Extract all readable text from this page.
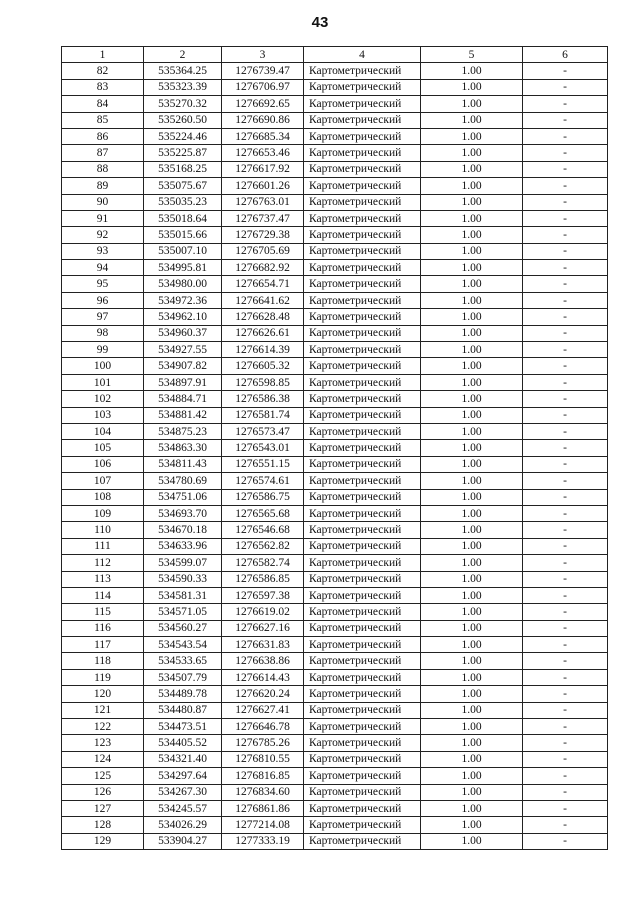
43
1	2	3	4	5	6
82	535364.25	1276739.47	Картометрический	1.00	-
83	535323.39	1276706.97	Картометрический	1.00	-
84	535270.32	1276692.65	Картометрический	1.00	-
85	535260.50	1276690.86	Картометрический	1.00	-
86	535224.46	1276685.34	Картометрический	1.00	-
87	535225.87	1276653.46	Картометрический	1.00	-
88	535168.25	1276617.92	Картометрический	1.00	-
89	535075.67	1276601.26	Картометрический	1.00	-
90	535035.23	1276763.01	Картометрический	1.00	-
91	535018.64	1276737.47	Картометрический	1.00	-
92	535015.66	1276729.38	Картометрический	1.00	-
93	535007.10	1276705.69	Картометрический	1.00	-
94	534995.81	1276682.92	Картометрический	1.00	-
95	534980.00	1276654.71	Картометрический	1.00	-
96	534972.36	1276641.62	Картометрический	1.00	-
97	534962.10	1276628.48	Картометрический	1.00	-
98	534960.37	1276626.61	Картометрический	1.00	-
99	534927.55	1276614.39	Картометрический	1.00	-
100	534907.82	1276605.32	Картометрический	1.00	-
101	534897.91	1276598.85	Картометрический	1.00	-
102	534884.71	1276586.38	Картометрический	1.00	-
103	534881.42	1276581.74	Картометрический	1.00	-
104	534875.23	1276573.47	Картометрический	1.00	-
105	534863.30	1276543.01	Картометрический	1.00	-
106	534811.43	1276551.15	Картометрический	1.00	-
107	534780.69	1276574.61	Картометрический	1.00	-
108	534751.06	1276586.75	Картометрический	1.00	-
109	534693.70	1276565.68	Картометрический	1.00	-
110	534670.18	1276546.68	Картометрический	1.00	-
111	534633.96	1276562.82	Картометрический	1.00	-
112	534599.07	1276582.74	Картометрический	1.00	-
113	534590.33	1276586.85	Картометрический	1.00	-
114	534581.31	1276597.38	Картометрический	1.00	-
115	534571.05	1276619.02	Картометрический	1.00	-
116	534560.27	1276627.16	Картометрический	1.00	-
117	534543.54	1276631.83	Картометрический	1.00	-
118	534533.65	1276638.86	Картометрический	1.00	-
119	534507.79	1276614.43	Картометрический	1.00	-
120	534489.78	1276620.24	Картометрический	1.00	-
121	534480.87	1276627.41	Картометрический	1.00	-
122	534473.51	1276646.78	Картометрический	1.00	-
123	534405.52	1276785.26	Картометрический	1.00	-
124	534321.40	1276810.55	Картометрический	1.00	-
125	534297.64	1276816.85	Картометрический	1.00	-
126	534267.30	1276834.60	Картометрический	1.00	-
127	534245.57	1276861.86	Картометрический	1.00	-
128	534026.29	1277214.08	Картометрический	1.00	-
129	533904.27	1277333.19	Картометрический	1.00	-
